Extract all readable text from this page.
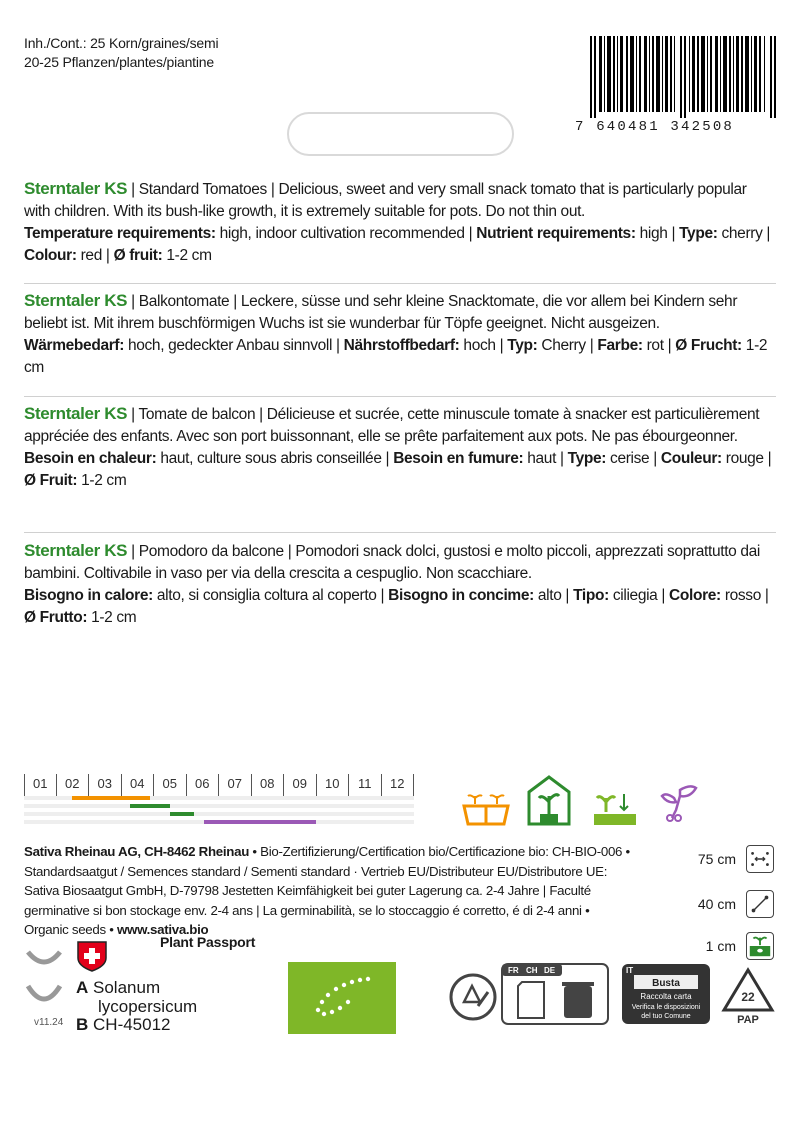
Inh./Cont.: 25 Korn/graines/semi
20-25 Pflanzen/plantes/piantine
7 640481 342508
Sterntaler KS | Standard Tomatoes | Delicious, sweet and very small snack tomato that is particularly popular with children. With its bush-like growth, it is extremely suitable for pots. Do not thin out.
Temperature requirements: high, indoor cultivation recommended | Nutrient requirements: high | Type: cherry | Colour: red | Ø fruit: 1-2 cm
Sterntaler KS | Balkontomate | Leckere, süsse und sehr kleine Snacktomate, die vor allem bei Kindern sehr beliebt ist. Mit ihrem buschförmigen Wuchs ist sie wunderbar für Töpfe geeignet. Nicht ausgeizen.
Wärmebedarf: hoch, gedeckter Anbau sinnvoll | Nährstoffbedarf: hoch | Typ: Cherry | Farbe: rot | Ø Frucht: 1-2 cm
Sterntaler KS | Tomate de balcon | Délicieuse et sucrée, cette minuscule tomate à snacker est particulièrement appréciée des enfants. Avec son port buissonnant, elle se prête parfaitement aux pots. Ne pas ébourgeonner.
Besoin en chaleur: haut, culture sous abris conseillée | Besoin en fumure: haut | Type: cerise | Couleur: rouge | Ø Fruit: 1-2 cm
Sterntaler KS | Pomodoro da balcone | Pomodori snack dolci, gustosi e molto piccoli, apprezzati soprattutto dai bambini. Coltivabile in vaso per via della crescita a cespuglio. Non scacchiare.
Bisogno in calore: alto, si consiglia coltura al coperto | Bisogno in concime: alto | Tipo: ciliegia | Colore: rosso | Ø Frutto: 1-2 cm
01	02	03	04	05	06	07	08	09	10	11	12
Sativa Rheinau AG, CH-8462 Rheinau • Bio-Zertifizierung/Certification bio/Certificazione bio: CH-BIO-006 • Standardsaatgut / Semences standard / Sementi standard · Vertrieb EU/Distributeur EU/Distributore UE: Sativa Biosaatgut GmbH, D-79798 Jestetten Keimfähigkeit bei guter Lagerung ca. 2-4 Jahre | Faculté germinative si bon stockage env. 2-4 ans | La germinabilità, se lo stoccaggio é corretto, é di 2-4 anni • Organic seeds • www.sativa.bio
75 cm
40 cm
1 cm
v11.24
Plant Passport
A Solanum
lycopersicum
B CH-45012
FR CH DE	IT
Busta
Raccolta carta
Verifica le disposizioni
del tuo Comune
22
PAP
